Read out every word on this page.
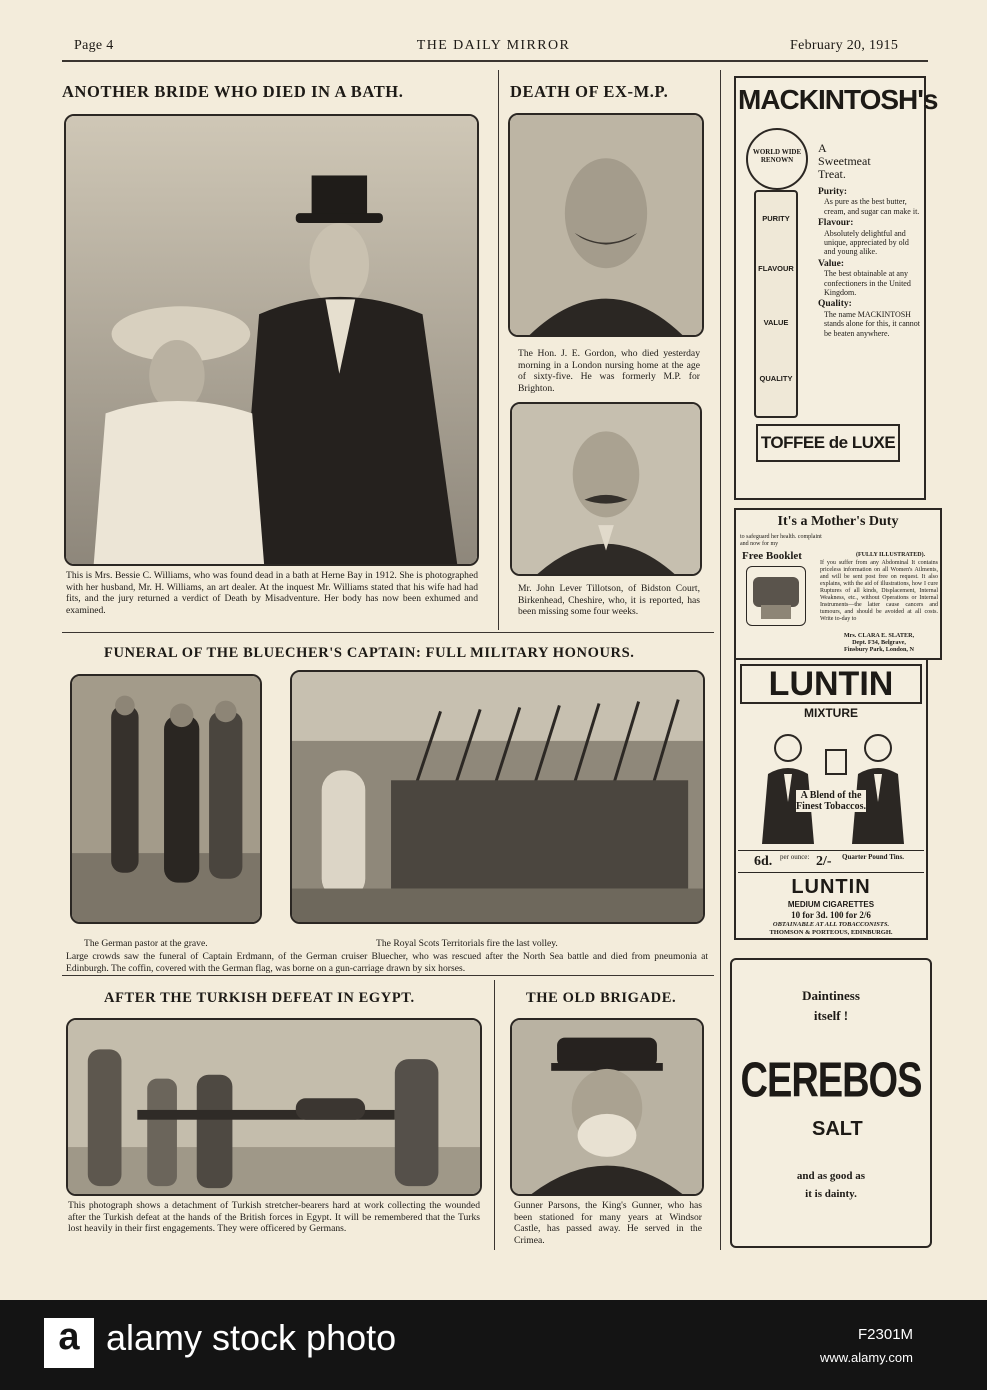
Page 4	THE DAILY MIRROR	February 20, 1915
ANOTHER BRIDE WHO DIED IN A BATH.
This is Mrs. Bessie C. Williams, who was found dead in a bath at Herne Bay in 1912. She is photographed with her husband, Mr. H. Williams, an art dealer. At the inquest Mr. Williams stated that his wife had had fits, and the jury returned a verdict of Death by Misadventure. Her body has now been exhumed and examined.
DEATH OF EX-M.P.
The Hon. J. E. Gordon, who died yesterday morning in a London nursing home at the age of sixty-five. He was formerly M.P. for Brighton.
Mr. John Lever Tillotson, of Bidston Court, Birkenhead, Cheshire, who, it is reported, has been missing some four weeks.
FUNERAL OF THE BLUECHER'S CAPTAIN: FULL MILITARY HONOURS.
The German pastor at the grave.	The Royal Scots Territorials fire the last volley.
Large crowds saw the funeral of Captain Erdmann, of the German cruiser Bluecher, who was rescued after the North Sea battle and died from pneumonia at Edinburgh. The coffin, covered with the German flag, was borne on a gun-carriage drawn by six horses.
AFTER THE TURKISH DEFEAT IN EGYPT.
This photograph shows a detachment of Turkish stretcher-bearers hard at work collecting the wounded after the Turkish defeat at the hands of the British forces in Egypt. It will be remembered that the Turks lost heavily in their first engagements. They were officered by Germans.
THE OLD BRIGADE.
Gunner Parsons, the King's Gunner, who has been stationed for many years at Windsor Castle, has passed away. He served in the Crimea.
MACKINTOSH's
WORLD WIDE RENOWN
PURITY
FLAVOUR
VALUE
QUALITY
A
Sweetmeat
Treat.
Purity:
As pure as the best butter, cream, and sugar can make it.
Flavour:
Absolutely delightful and unique, appreciated by old and young alike.
Value:
The best obtainable at any confectioners in the United Kingdom.
Quality:
The name MACKINTOSH stands alone for this, it cannot be beaten anywhere.
TOFFEE de LUXE
It's a Mother's Duty
to safeguard her health. complaint and now for my
Free Booklet	(FULLY ILLUSTRATED).
If you suffer from any Abdominal It contains priceless information on all Women's Ailments, and will be sent post free on request. It also explains, with the aid of illustrations, how I cure Ruptures of all kinds, Displacement, Internal Weakness, etc., without Operations or Internal Instruments—the latter cause cancers and tumours, and should be avoided at all costs. Write to-day to
Mrs. CLARA E. SLATER,
Dept. F34, Belgrave,
Finsbury Park, London, N
LUNTIN
MIXTURE
A Blend of the Finest Tobaccos.
6d. per ounce: 2/- Quarter Pound Tins.
LUNTIN
MEDIUM CIGARETTES
10 for 3d. 100 for 2/6
OBTAINABLE AT ALL TOBACCONISTS.
THOMSON & PORTEOUS, EDINBURGH.
Daintiness
itself !
CEREBOS
SALT
and as good as
it is dainty.
a alamy stock photo	F2301M
www.alamy.com
